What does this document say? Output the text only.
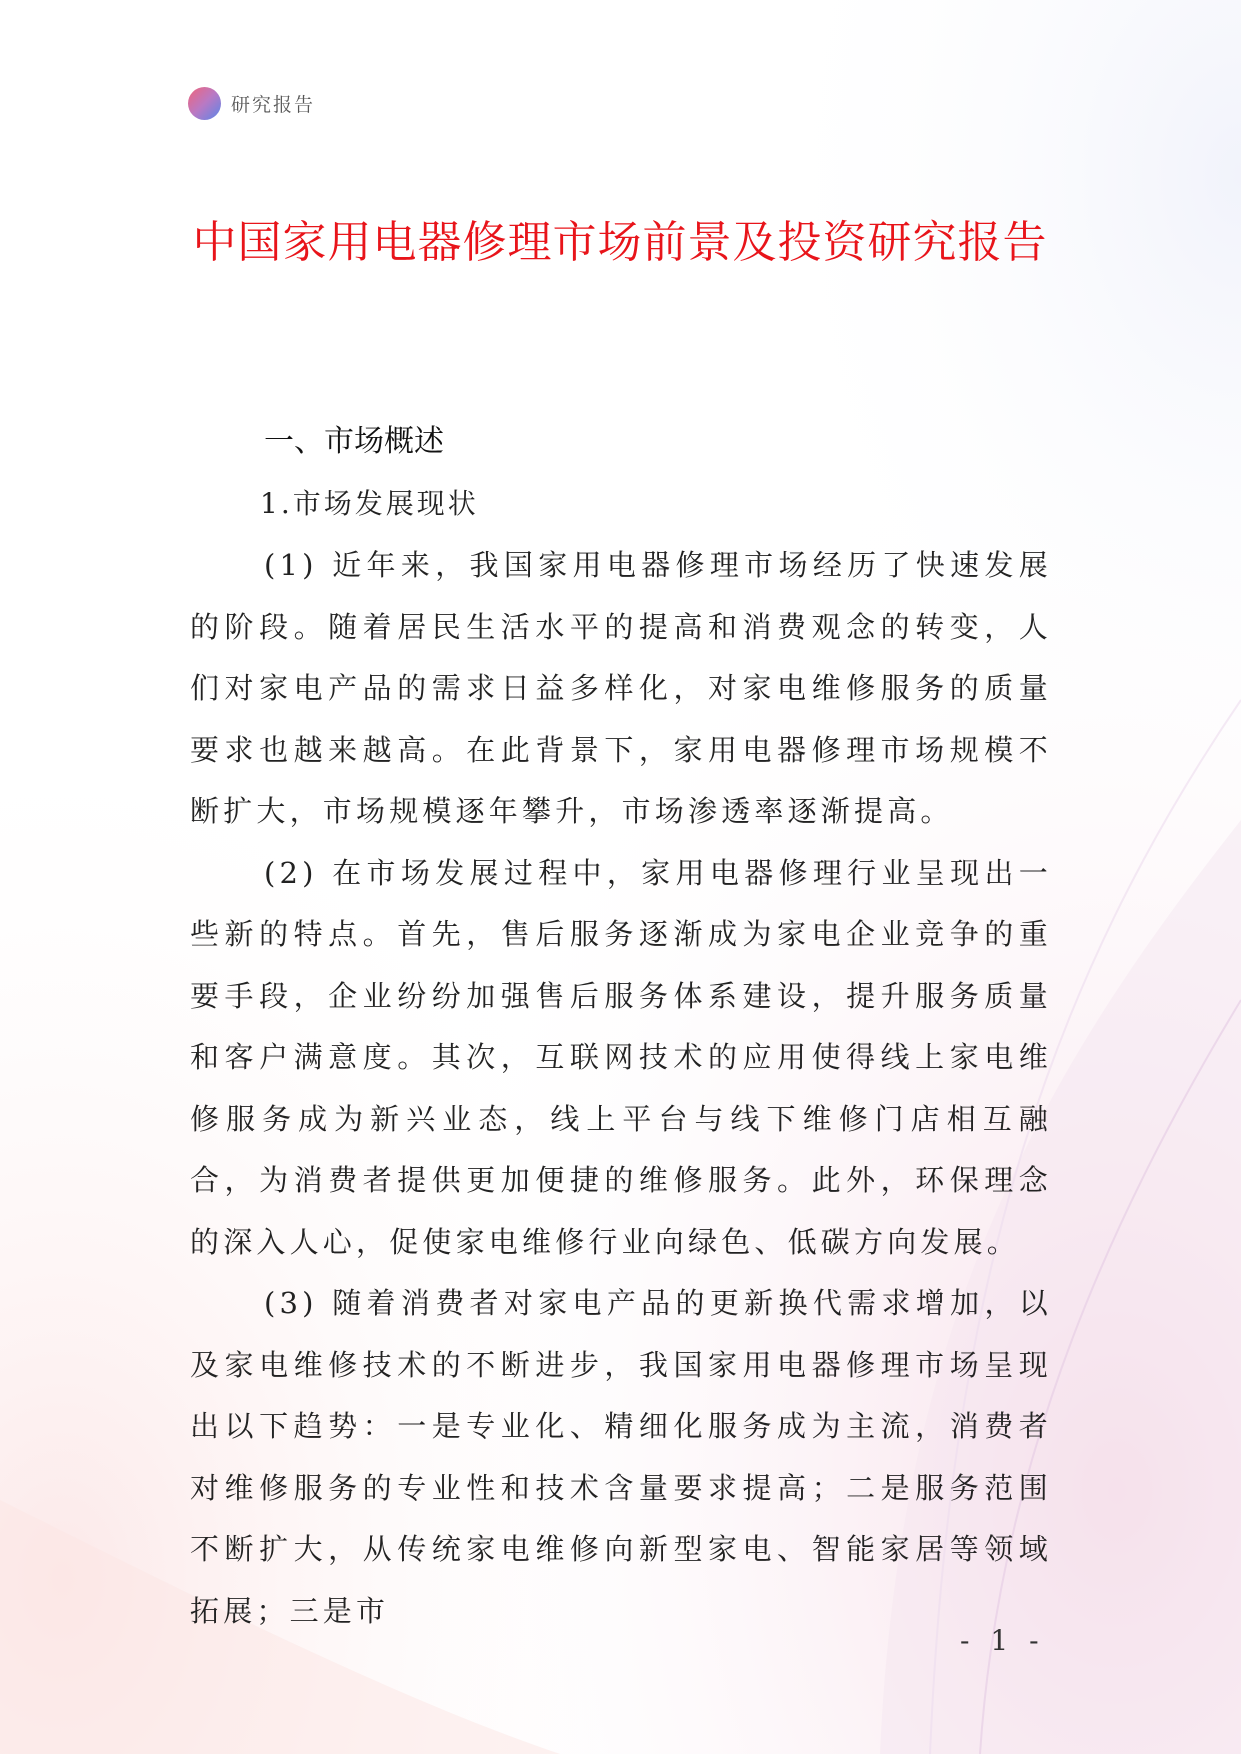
研究报告
中国家用电器修理市场前景及投资研究报告
一、市场概述
1.市场发展现状

(1) 近年来，我国家用电器修理市场经历了快速发展的阶段。随着居民生活水平的提高和消费观念的转变，人们对家电产品的需求日益多样化，对家电维修服务的质量要求也越来越高。在此背景下，家用电器修理市场规模不断扩大，市场规模逐年攀升，市场渗透率逐渐提高。

(2) 在市场发展过程中，家用电器修理行业呈现出一些新的特点。首先，售后服务逐渐成为家电企业竞争的重要手段，企业纷纷加强售后服务体系建设，提升服务质量和客户满意度。其次，互联网技术的应用使得线上家电维修服务成为新兴业态，线上平台与线下维修门店相互融合，为消费者提供更加便捷的维修服务。此外，环保理念的深入人心，促使家电维修行业向绿色、低碳方向发展。

(3) 随着消费者对家电产品的更新换代需求增加，以及家电维修技术的不断进步，我国家用电器修理市场呈现出以下趋势：一是专业化、精细化服务成为主流，消费者对维修服务的专业性和技术含量要求提高；二是服务范围不断扩大，从传统家电维修向新型家电、智能家居等领域拓展；三是市

- 1 -
